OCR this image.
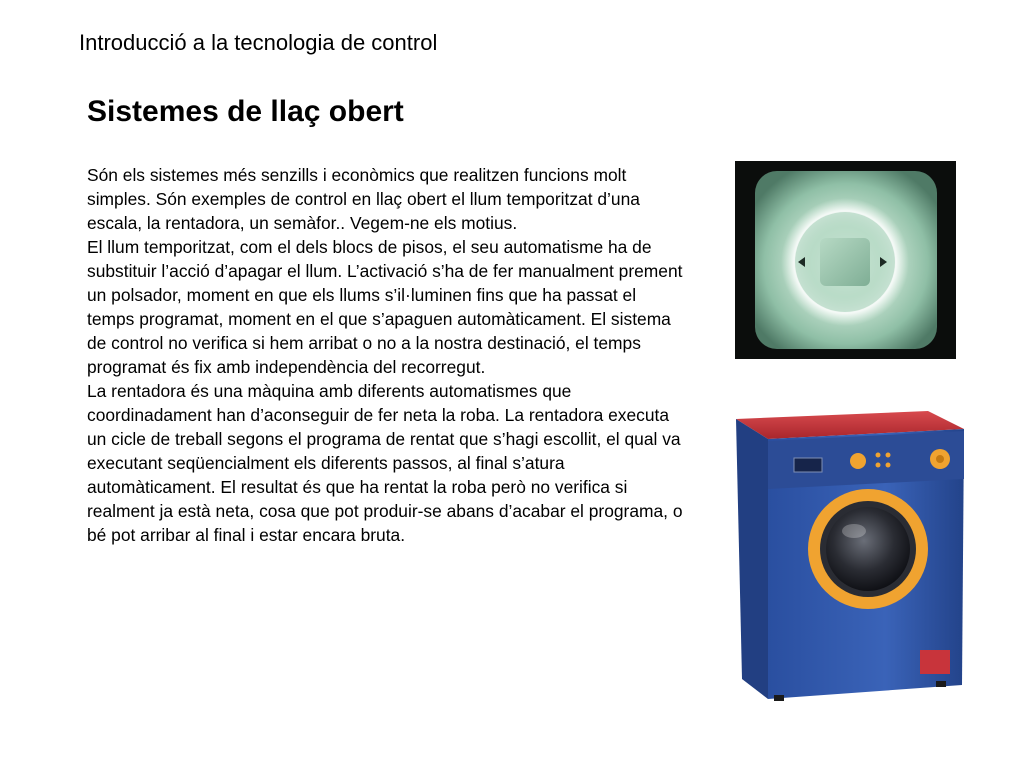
Introducció a la tecnologia de control
Sistemes de llaç obert

Són els sistemes més senzills i econòmics que realitzen funcions molt simples. Són exemples de control en llaç obert el llum temporitzat d’una escala, la rentadora, un semàfor.. Vegem-ne els motius.

El llum temporitzat, com el dels blocs de pisos, el seu automatisme ha de substituir l’acció d’apagar el llum. L’activació s’ha de fer manualment prement un polsador, moment en que els llums s’il·luminen fins que ha passat el temps programat, moment en el que s’apaguen automàticament. El sistema de control no verifica si hem arribat o no a la nostra destinació, el temps programat és fix amb independència del recorregut.

La rentadora és una màquina amb diferents automatismes que coordinadament han d’aconseguir de fer neta la roba. La rentadora executa un cicle de treball segons el programa de rentat que s’hagi escollit, el qual va executant seqüencialment els diferents passos, al final s’atura automàticament. El resultat és que ha rentat la roba però no verifica si realment ja està neta, cosa que pot produir-se abans d’acabar el programa, o bé pot arribar al final i estar encara bruta.
